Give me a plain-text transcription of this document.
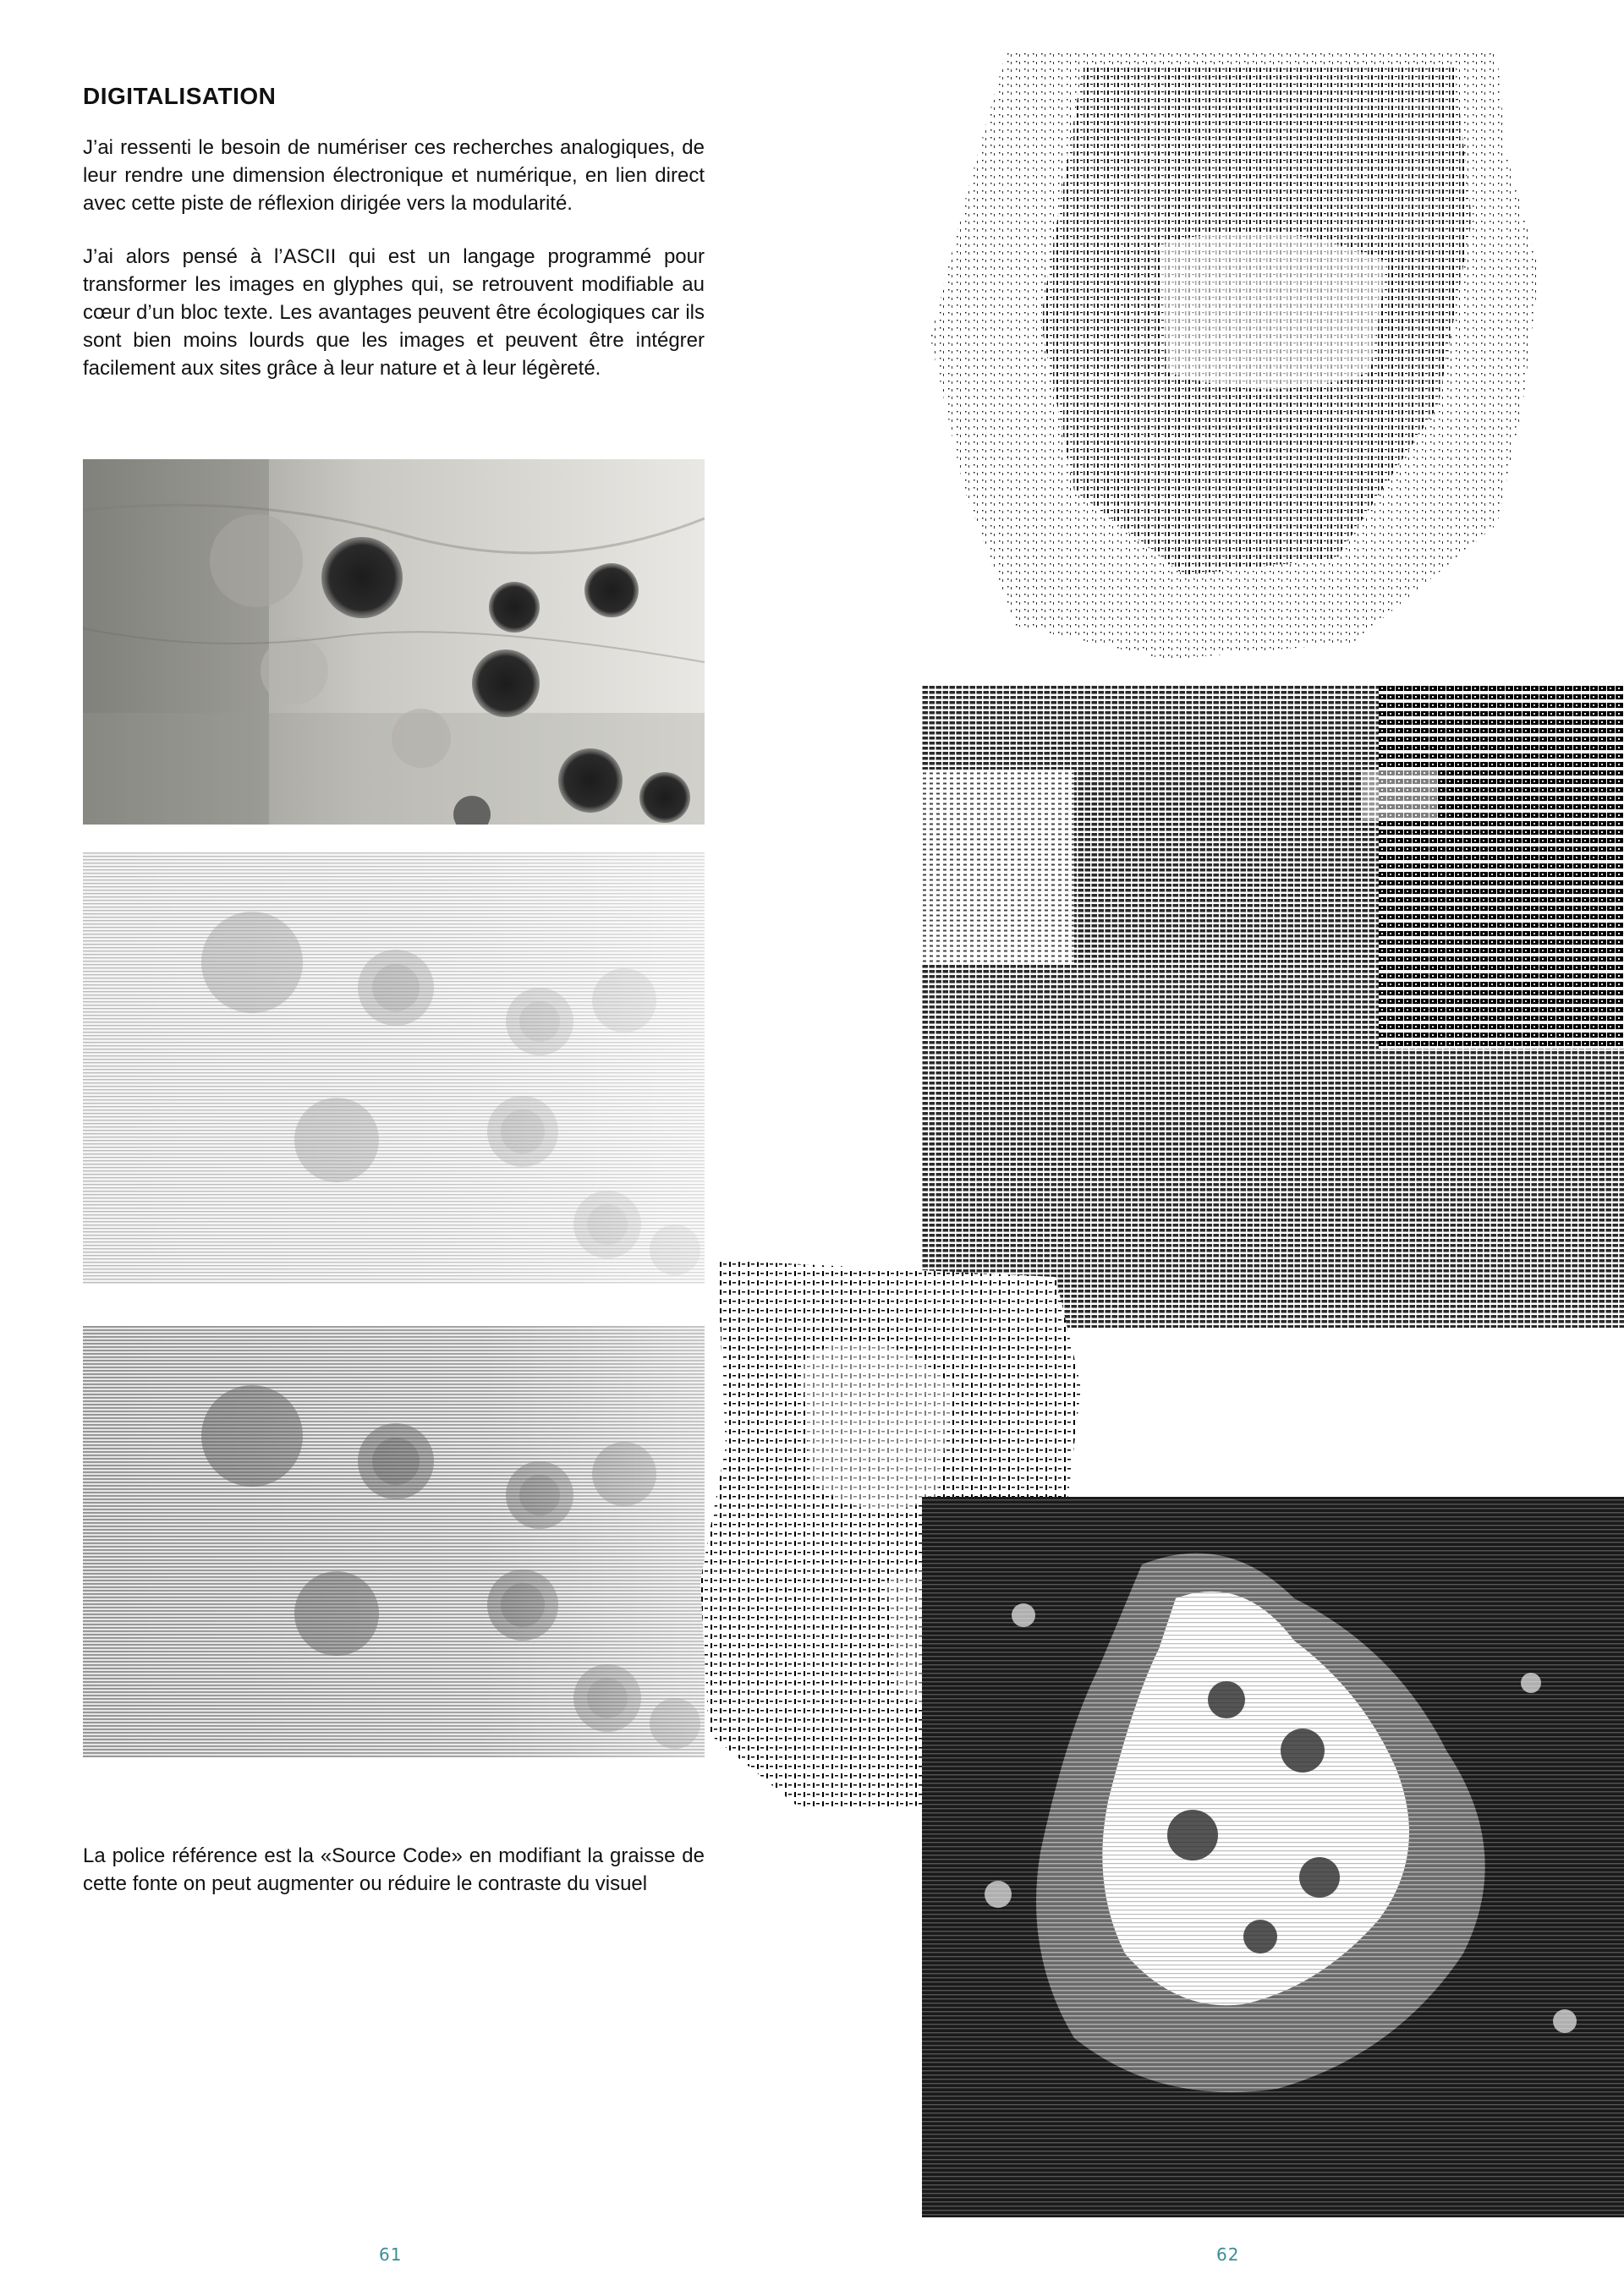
DIGITALISATION

J’ai ressenti le besoin de numériser ces recherches analogiques, de leur rendre une dimension électronique et numérique, en lien direct avec cette piste de réflexion dirigée vers la modularité.

J’ai alors pensé à l’ASCII qui est un langage programmé pour transformer les images en glyphes qui, se retrouvent modifiable au cœur d’un bloc texte. Les avantages peuvent être écologiques car ils sont bien moins lourds que les images et peuvent être intégrer facilement aux sites grâce à leur nature et à leur légèreté.

La police référence est la «Source Code» en modifiant la graisse de cette fonte on peut augmenter ou réduire le contraste du visuel
61	62
